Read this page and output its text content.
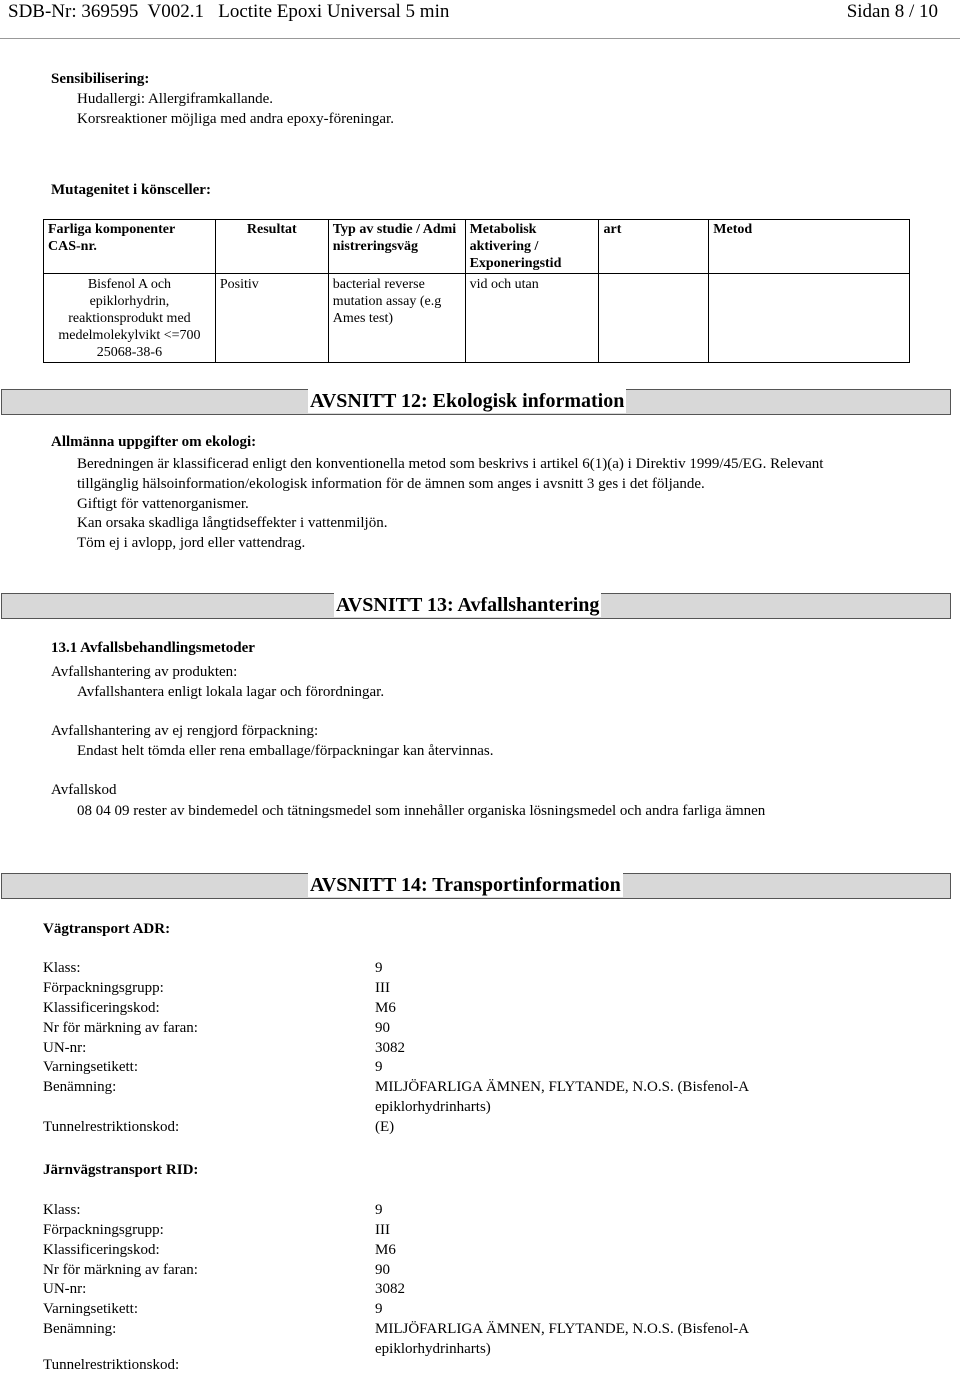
SDB-Nr: 369595  V002.1   Loctite Epoxi Universal 5 min	Sidan 8 / 10
Sensibilisering:
Hudallergi: Allergiframkallande.
Korsreaktioner möjliga med andra epoxy-föreningar.
Mutagenitet i könsceller:
Farliga komponenter CAS-nr.	Resultat	Typ av studie / Administreringsväg	Metabolisk aktivering / Exponeringstid	art	Metod
Bisfenol A och epiklorhydrin, reaktionsprodukt med medelmolekylvikt <=700 25068-38-6	Positiv	bacterial reverse mutation assay (e.g Ames test)	vid och utan		
AVSNITT 12: Ekologisk information
Allmänna uppgifter om ekologi:
Beredningen är klassificerad enligt den konventionella metod som beskrivs i artikel 6(1)(a) i Direktiv 1999/45/EG. Relevant
tillgänglig hälsoinformation/ekologisk information för de ämnen som anges i avsnitt 3 ges i det följande.
Giftigt för vattenorganismer.
Kan orsaka skadliga långtidseffekter i vattenmiljön.
Töm ej i avlopp, jord eller vattendrag.
AVSNITT 13: Avfallshantering
13.1 Avfallsbehandlingsmetoder
Avfallshantering av produkten:
Avfallshantera enligt lokala lagar och förordningar.
Avfallshantering av ej rengjord förpackning:
Endast helt tömda eller rena emballage/förpackningar kan återvinnas.
Avfallskod
08 04 09 rester av bindemedel och tätningsmedel som innehåller organiska lösningsmedel och andra farliga ämnen
AVSNITT 14: Transportinformation
Vägtransport ADR:
Klass:	9
Förpackningsgrupp:	III
Klassificeringskod:	M6
Nr för märkning av faran:	90
UN-nr:	3082
Varningsetikett:	9
Benämning:	MILJÖFARLIGA ÄMNEN, FLYTANDE, N.O.S. (Bisfenol-A
epiklorhydrinharts)
Tunnelrestriktionskod:	(E)
Järnvägstransport RID:
Klass:	9
Förpackningsgrupp:	III
Klassificeringskod:	M6
Nr för märkning av faran:	90
UN-nr:	3082
Varningsetikett:	9
Benämning:	MILJÖFARLIGA ÄMNEN, FLYTANDE, N.O.S. (Bisfenol-A
epiklorhydrinharts)
Tunnelrestriktionskod:
